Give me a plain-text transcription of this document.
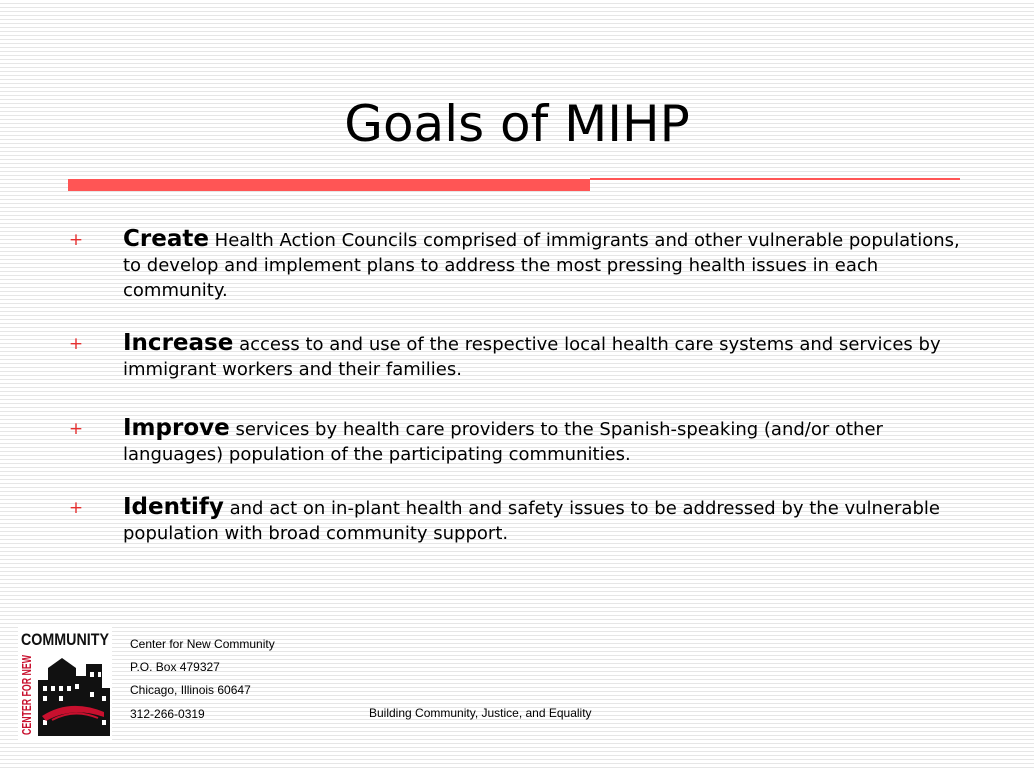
Goals of MIHP
+ Create Health Action Councils comprised of immigrants and other vulnerable populations, to develop and implement plans to address the most pressing health issues in each community.
+ Increase access to and use of the respective local health care systems and services by immigrant workers and their families.
+ Improve services by health care providers to the Spanish-speaking (and/or other languages) population of the participating communities.
+ Identify and act on in-plant health and safety issues to be addressed by the vulnerable population with broad community support.
COMMUNITY
CENTER FOR NEW	Center for New Community
P.O. Box 479327
Chicago, Illinois 60647
312-266-0319	Building Community, Justice, and Equality
